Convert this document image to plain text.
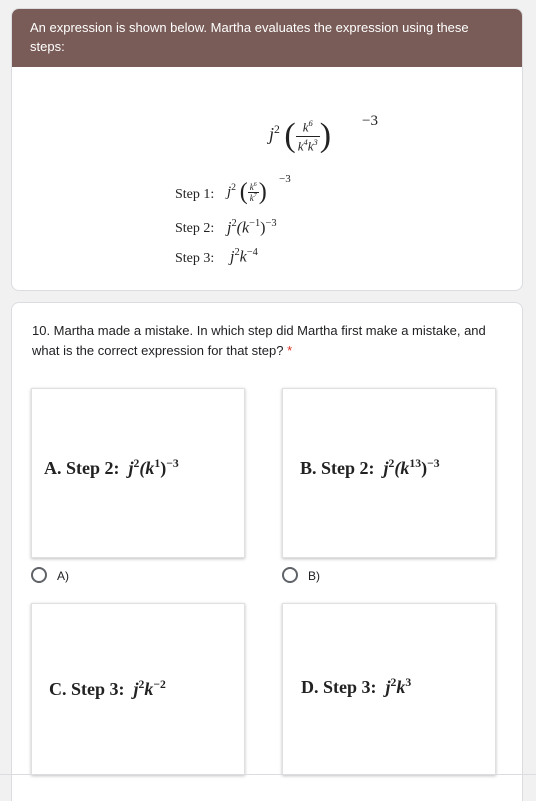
An expression is shown below. Martha evaluates the expression using these steps:
$j^2$ ( $\frac{k^6}{k^4k^3}$ ) −3
Step 1: $j^2$ ( $\frac{k^6}{k^7}$ ) −3
Step 2: $j^2(k^{-1})^{-3}$
Step 3: $j^2k^{-4}$
10. Martha made a mistake. In which step did Martha first make a mistake, and what is the correct expression for that step? *
A. Step 2: $j^2(k^1)^{-3}$
A)
B. Step 2: $j^2(k^{13})^{-3}$
B)
C. Step 3: $j^2k^{-2}$	D. Step 3: $j^2k^3$
